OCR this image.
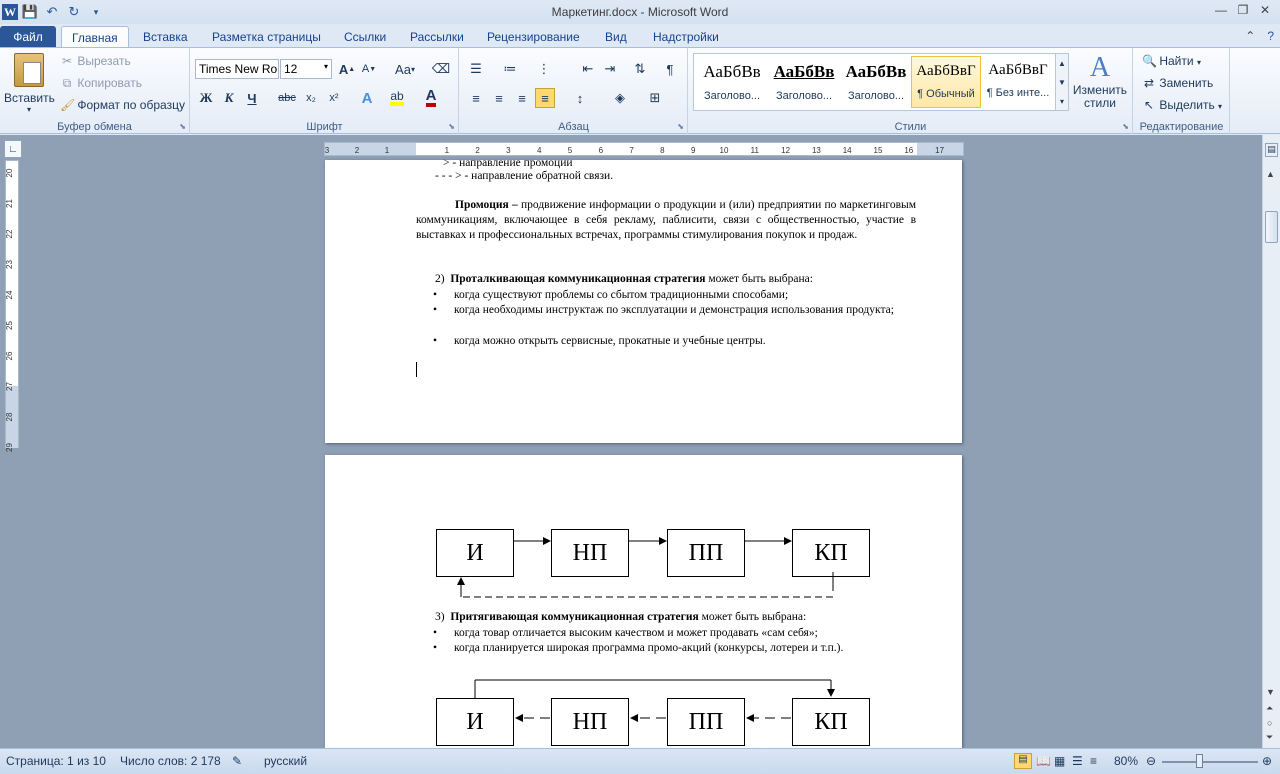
W 💾 ↶ ↻	▾	Маркетинг.docx - Microsoft Word	— ❐ ✕
Файл	Главная	Вставка	Разметка страницы	Ссылки	Рассылки	Рецензирование	Вид	Надстройки	⌃ ?
Вставить
▾
✂ Вырезать
⧉ Копировать
🖌 Формат по образцу
Буфер обмена	⬊
Times New Ro 12	▾ A ▲ A ▼ Aa ▾ ⌫
Ж К	Ч	abc x₂	x²	A	ab A
Шрифт	⬊
☰	≔ ⋮	⇤ ⇥	⇅	¶
≡	≡	≡	≡	↕	◈	⊞
Абзац	⬊
АаБбВв
Заголово...
АаБбВв
Заголово...
АаБбВв
Заголово...
АаБбВвГ
¶ Обычный
АаБбВвГ
¶ Без инте...
▲
▼
▾
A
Изменить стили
Стили	⬊
🔍 Найти ▾
⇄ Заменить
↖ Выделить ▾
Редактирование
∟	3	2	1	1	2	3	4	5	6	7	8	9	10	11	12	13	14	15	16	17
20
21
22
23
24
25
26
27
28
29
> - направление промоции
- - - > - направление обратной связи.
Промоция – продвижение информации о продукции и (или) предприятии по маркетинговым коммуникациям, включающее в себя рекламу, паблисити, связи с общественностью, участие в выставках и профессиональных встречах, программы стимулирования покупок и продаж.
2) Проталкивающая коммуникационная стратегия может быть выбрана:
• когда существуют проблемы со сбытом традиционными способами;
• когда необходимы инструктаж по эксплуатации и демонстрация использования продукта;
• когда можно открыть сервисные, прокатные и учебные центры.
И	НП	ПП	КП
3) Притягивающая коммуникационная стратегия может быть выбрана:
• когда товар отличается высоким качеством и может продавать «сам себя»;
• когда планируется широкая программа промо-акций (конкурсы, лотереи и т.п.).
И	НП	ПП	КП
▤
▲
▼
⏶
○
⏷
Страница: 1 из 10 Число слов: 2 178 ✎ русский	▤ 📖 ▦ ☰ ≡ 80% ⊖	⊕
